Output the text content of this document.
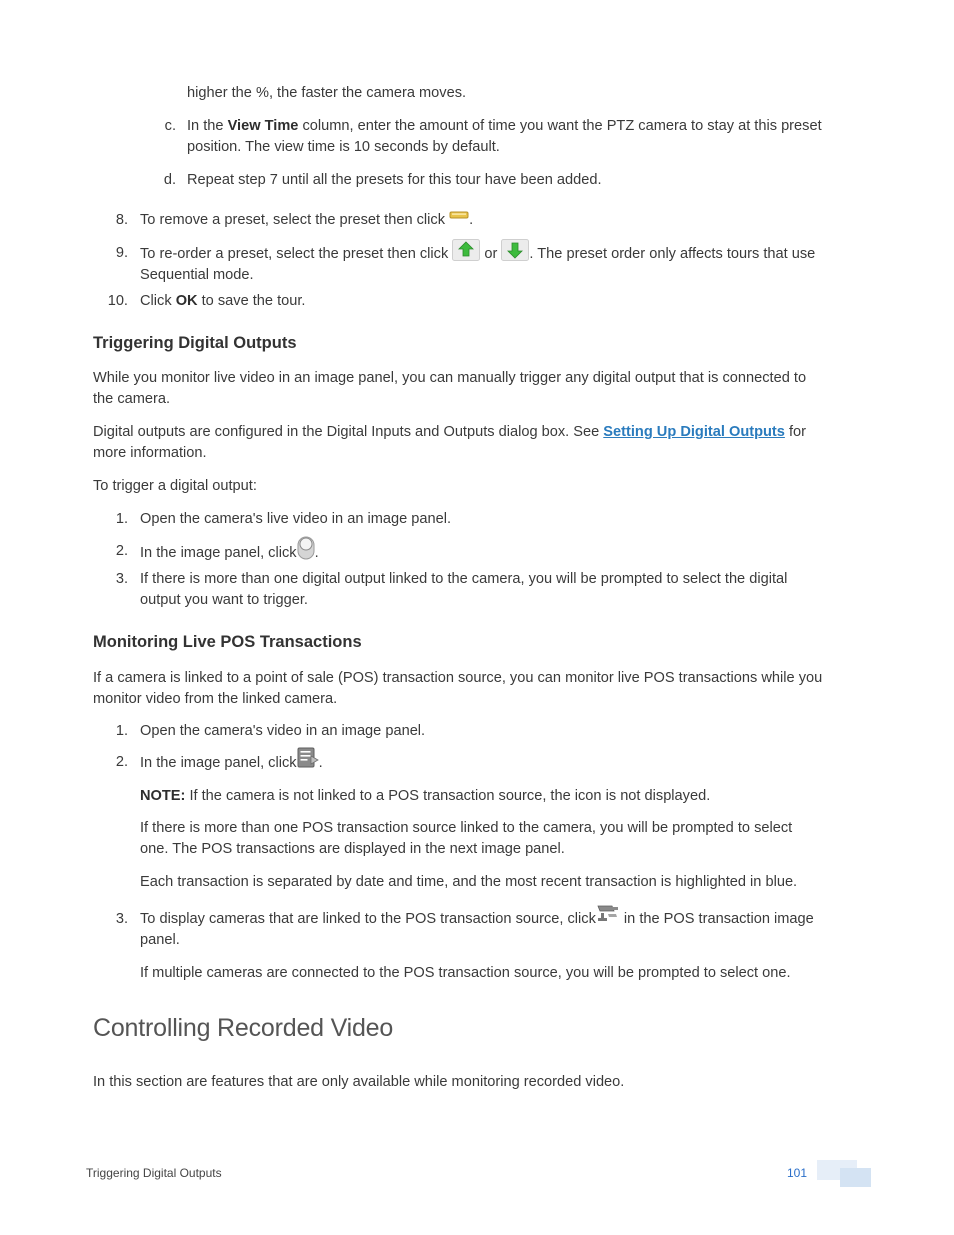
higher the %, the faster the camera moves.
c. In the View Time column, enter the amount of time you want the PTZ camera to stay at this preset
position. The view time is 10 seconds by default.
d. Repeat step 7 until all the presets for this tour have been added.
8. To remove a preset, select the preset then click .
9. To re-order a preset, select the preset then click or . The preset order only affects tours that use
Sequential mode.
10. Click OK to save the tour.
Triggering Digital Outputs
While you monitor live video in an image panel, you can manually trigger any digital output that is connected to
the camera.
Digital outputs are configured in the Digital Inputs and Outputs dialog box. See Setting Up Digital Outputs for
more information.
To trigger a digital output:
1. Open the camera's live video in an image panel.
2. In the image panel, click .
3. If there is more than one digital output linked to the camera, you will be prompted to select the digital
output you want to trigger.
Monitoring Live POS Transactions
If a camera is linked to a point of sale (POS) transaction source, you can monitor live POS transactions while you
monitor video from the linked camera.
1. Open the camera's video in an image panel.
2. In the image panel, click .
NOTE: If the camera is not linked to a POS transaction source, the icon is not displayed.
If there is more than one POS transaction source linked to the camera, you will be prompted to select
one. The POS transactions are displayed in the next image panel.
Each transaction is separated by date and time, and the most recent transaction is highlighted in blue.
3. To display cameras that are linked to the POS transaction source, click in the POS transaction image
panel.
If multiple cameras are connected to the POS transaction source, you will be prompted to select one.
Controlling Recorded Video
In this section are features that are only available while monitoring recorded video.
Triggering Digital Outputs	101
